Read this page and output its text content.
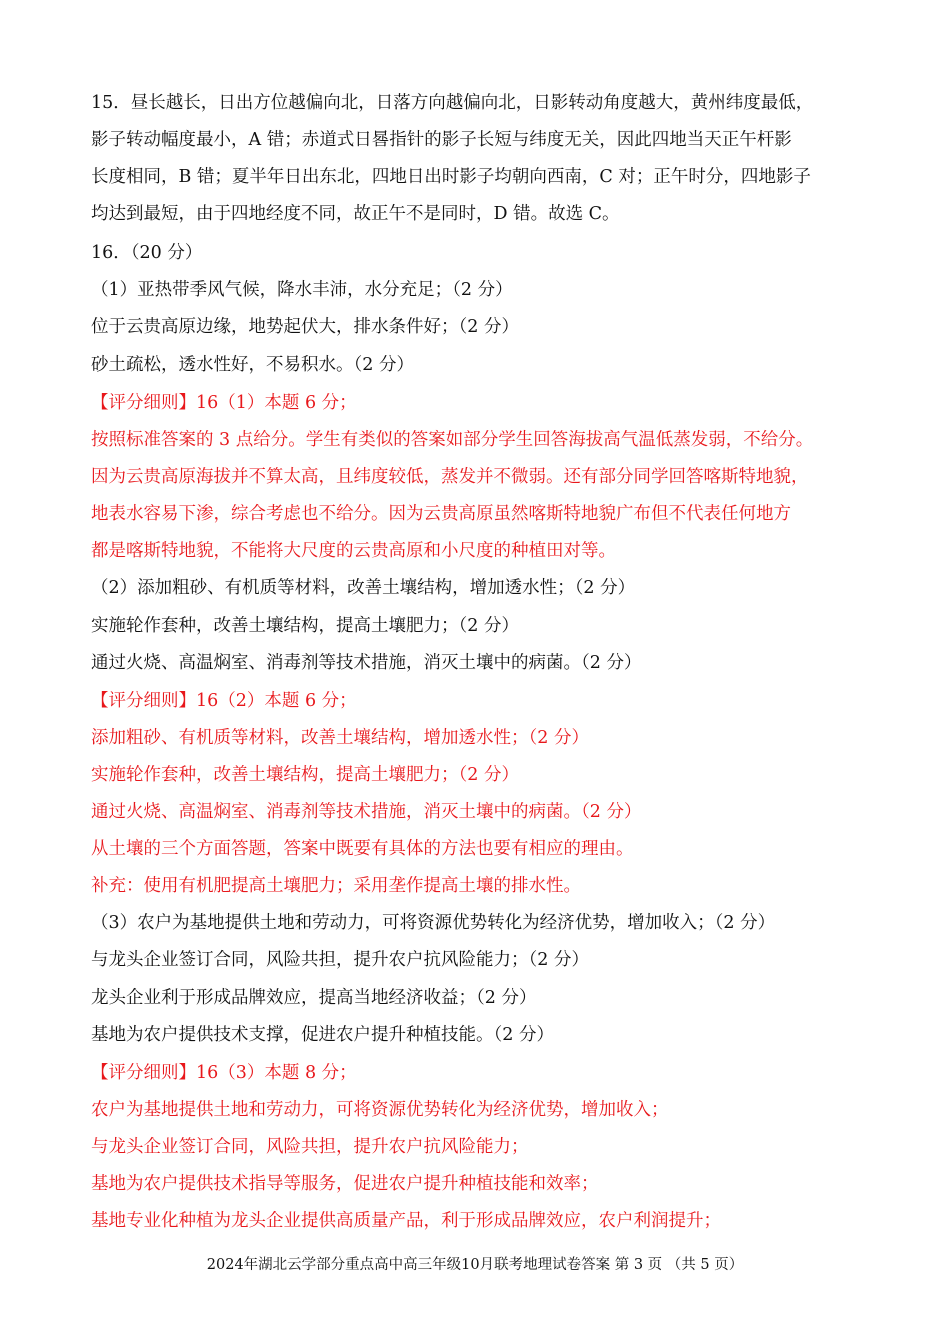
15．昼长越长，日出方位越偏向北，日落方向越偏向北，日影转动角度越大，黄州纬度最低，
影子转动幅度最小，A 错；赤道式日晷指针的影子长短与纬度无关，因此四地当天正午杆影
长度相同，B 错；夏半年日出东北，四地日出时影子均朝向西南，C 对；正午时分，四地影子
均达到最短，由于四地经度不同，故正午不是同时，D 错。故选 C。
16．（20 分）
（1）亚热带季风气候，降水丰沛，水分充足；（2 分）
位于云贵高原边缘，地势起伏大，排水条件好；（2 分）
砂土疏松，透水性好，不易积水。（2 分）
【评分细则】16（1）本题 6 分；
按照标准答案的 3 点给分。学生有类似的答案如部分学生回答海拔高气温低蒸发弱，不给分。
因为云贵高原海拔并不算太高，且纬度较低，蒸发并不微弱。还有部分同学回答喀斯特地貌，
地表水容易下渗，综合考虑也不给分。因为云贵高原虽然喀斯特地貌广布但不代表任何地方
都是喀斯特地貌，不能将大尺度的云贵高原和小尺度的种植田对等。
（2）添加粗砂、有机质等材料，改善土壤结构，增加透水性；（2 分）
实施轮作套种，改善土壤结构，提高土壤肥力；（2 分）
通过火烧、高温焖室、消毒剂等技术措施，消灭土壤中的病菌。（2 分）
【评分细则】16（2）本题 6 分；
添加粗砂、有机质等材料，改善土壤结构，增加透水性；（2 分）
实施轮作套种，改善土壤结构，提高土壤肥力；（2 分）
通过火烧、高温焖室、消毒剂等技术措施，消灭土壤中的病菌。（2 分）
从土壤的三个方面答题，答案中既要有具体的方法也要有相应的理由。
补充：使用有机肥提高土壤肥力；采用垄作提高土壤的排水性。
（3）农户为基地提供土地和劳动力，可将资源优势转化为经济优势，增加收入；（2 分）
与龙头企业签订合同，风险共担，提升农户抗风险能力；（2 分）
龙头企业利于形成品牌效应，提高当地经济收益；（2 分）
基地为农户提供技术支撑，促进农户提升种植技能。（2 分）
【评分细则】16（3）本题 8 分；
农户为基地提供土地和劳动力，可将资源优势转化为经济优势，增加收入；
与龙头企业签订合同，风险共担，提升农户抗风险能力；
基地为农户提供技术指导等服务，促进农户提升种植技能和效率；
基地专业化种植为龙头企业提供高质量产品，利于形成品牌效应，农户利润提升；
2024年湖北云学部分重点高中高三年级10月联考地理试卷答案 第 3 页 （共 5 页）
